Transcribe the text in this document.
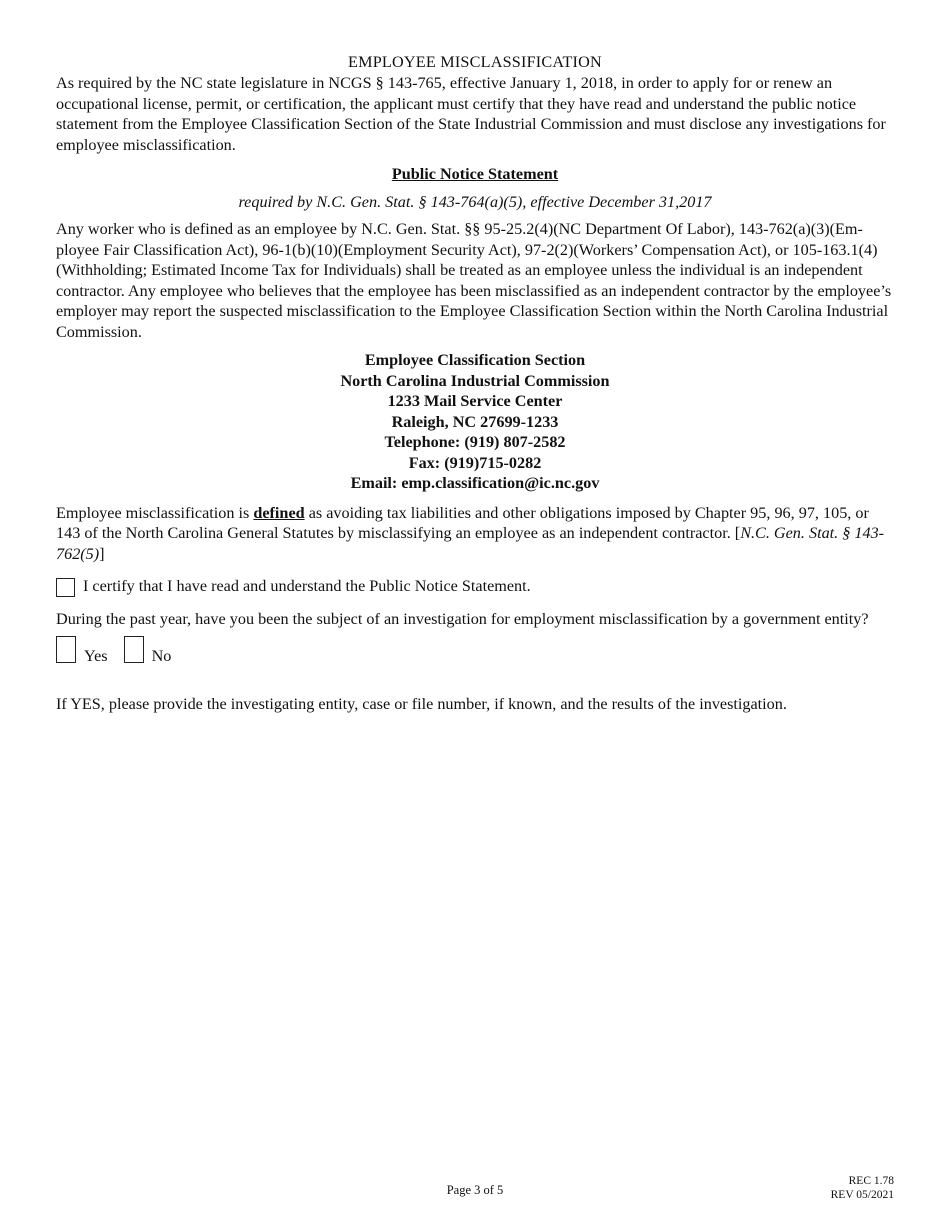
EMPLOYEE MISCLASSIFICATION

As required by the NC state legislature in NCGS § 143-765, effective January 1, 2018, in order to apply for or renew an occupational license, permit, or certification, the applicant must certify that they have read and understand the public notice statement from the Employee Classification Section of the State Industrial Commission and must disclose any investigations for employee misclassification.

Public Notice Statement
required by N.C. Gen. Stat. § 143-764(a)(5), effective December 31,2017

Any worker who is defined as an employee by N.C. Gen. Stat. §§ 95-25.2(4)(NC Department Of Labor), 143-762(a)(3)(Employee Fair Classification Act), 96-1(b)(10)(Employment Security Act), 97-2(2)(Workers’ Compensation Act), or 105-163.1(4)(Withholding; Estimated Income Tax for Individuals) shall be treated as an employee unless the individual is an independent contractor. Any employee who believes that the employee has been misclassified as an independent contractor by the employee’s employer may report the suspected misclassification to the Employee Classification Section within the North Carolina Industrial Commission.

Employee Classification Section
North Carolina Industrial Commission
1233 Mail Service Center
Raleigh, NC 27699-1233
Telephone: (919) 807-2582
Fax: (919)715-0282
Email: emp.classification@ic.nc.gov

Employee misclassification is defined as avoiding tax liabilities and other obligations imposed by Chapter 95, 96, 97, 105, or 143 of the North Carolina General Statutes by misclassifying an employee as an independent contractor. [N.C. Gen. Stat. § 143-762(5)]

I certify that I have read and understand the Public Notice Statement.

During the past year, have you been the subject of an investigation for employment misclassification by a government entity?

Yes	No

If YES, please provide the investigating entity, case or file number, if known, and the results of the investigation.

Page 3 of 5
REC 1.78
REV 05/2021
